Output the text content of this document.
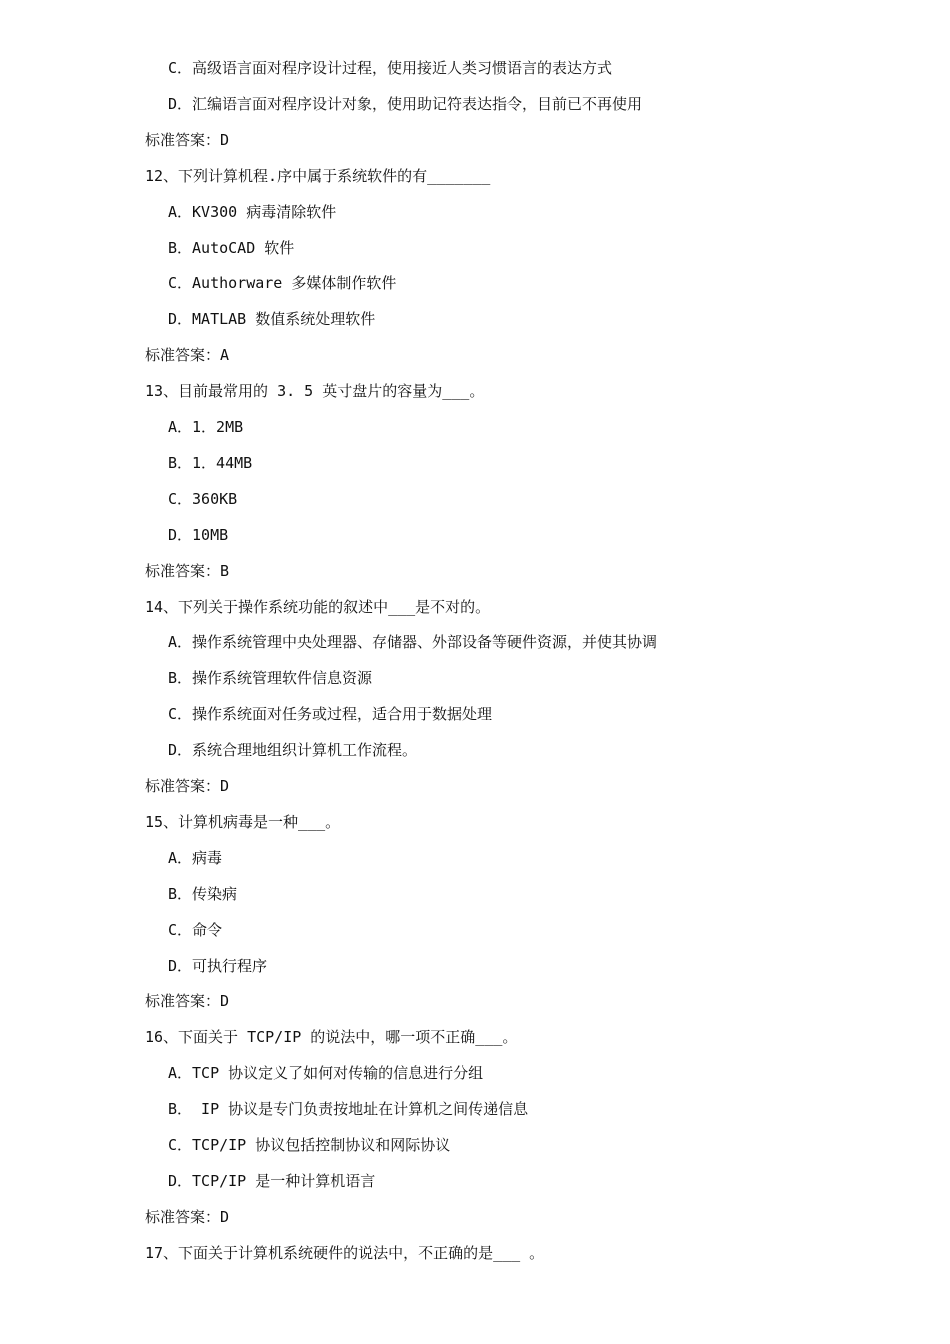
C．高级语言面对程序设计过程，使用接近人类习惯语言的表达方式
D．汇编语言面对程序设计对象，使用助记符表达指令，目前已不再使用
标准答案：D
12、下列计算机程.序中属于系统软件的有_______
A．KV300 病毒清除软件
B．AutoCAD 软件
C．Authorware 多媒体制作软件
D．MATLAB 数值系统处理软件
标准答案：A
13、目前最常用的 3. 5 英寸盘片的容量为___。
A．1．2MB
B．1．44MB
C．360KB
D．10MB
标准答案：B
14、下列关于操作系统功能的叙述中___是不对的。
A．操作系统管理中央处理器、存储器、外部设备等硬件资源，并使其协调
B．操作系统管理软件信息资源
C．操作系统面对任务或过程，适合用于数据处理
D．系统合理地组织计算机工作流程。
标准答案：D
15、计算机病毒是一种___。
A．病毒
B．传染病
C．命令
D．可执行程序
标准答案：D
16、下面关于 TCP/IP 的说法中，哪一项不正确___。
A．TCP 协议定义了如何对传输的信息进行分组
B． IP 协议是专门负责按地址在计算机之间传递信息
C．TCP/IP 协议包括控制协议和网际协议
D．TCP/IP 是一种计算机语言
标准答案：D
17、下面关于计算机系统硬件的说法中，不正确的是___ 。
